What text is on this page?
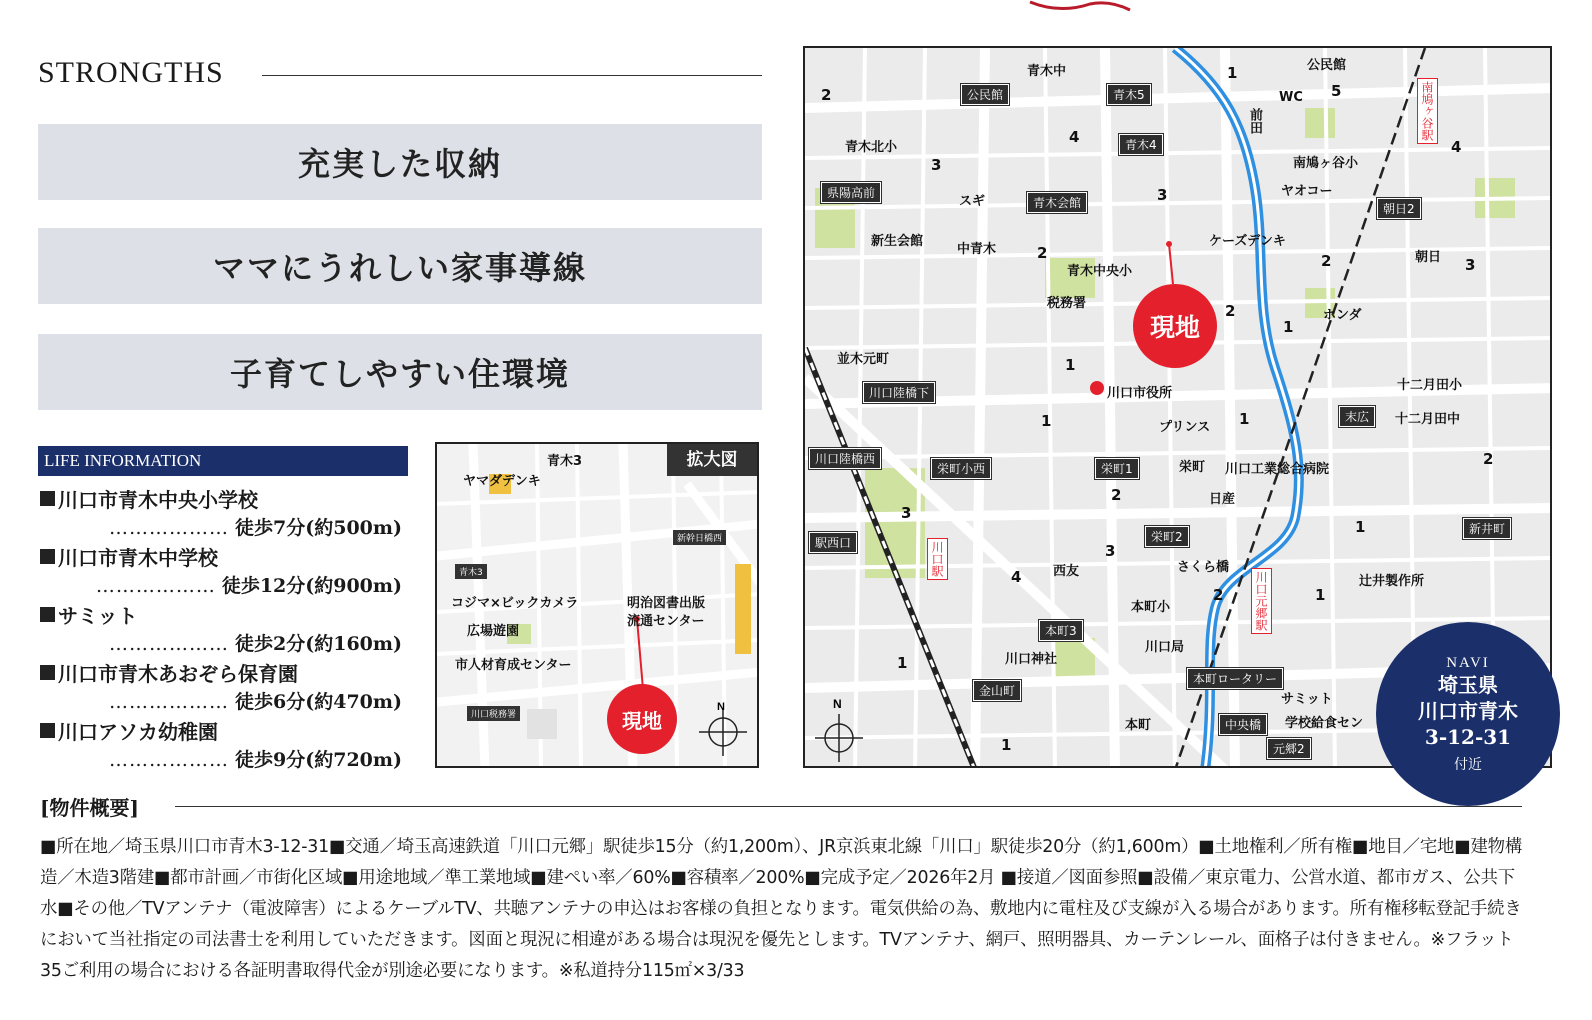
STRONGTHS
充実した収納
ママにうれしい家事導線
子育てしやすい住環境
LIFE INFORMATION
川口市青木中央小学校
……………… 徒歩7分(約500m)
川口市青木中学校
……………… 徒歩12分(約900m)
サミット
……………… 徒歩2分(約160m)
川口市青木あおぞら保育園
……………… 徒歩6分(約470m)
川口アソカ幼稚園
……………… 徒歩9分(約720m)
N
拡大図
青木3
ヤマダデンキ
コジマ×ビックカメラ
広場遊園
市人材育成センター
明治図書出版
流通センター
新幹日橋西
青木3
川口税務署	現地
N
青木中	公民館
WC
前田
青木北小
スギ
ヤオコー
南鳩ヶ谷小
新生会館
中青木
ケーズデンキ
朝日
青木中央小
税務署
ホンダ
並木元町
川口市役所
十二月田小
十二月田中
プリンス
栄町 川口工業総合病院
日産
西友	さくら橋
辻井製作所
本町小
川口局
川口神社
サミット
学校給食セン
本町
公民館	青木5
青木4
県陽高前
青木会館	朝日2
川口陸橋下
川口陸橋西
栄町小西	栄町1
栄町2
末広
新井町
駅西口
本町3
本町ロータリー
金山町
中央橋
元郷2
南鳩ヶ谷駅
川口駅
川口元郷駅
2
1
5
4
3
3
4
2	2	3
2
1
1
1	1
2
3
2
1
3
4
2	1
1
1
現地
NAVI
埼玉県
川口市青木
3-12-31
付近
[物件概要]
■所在地／埼玉県川口市青木3-12-31■交通／埼玉高速鉄道「川口元郷」駅徒歩15分（約1,200m）、JR京浜東北線「川口」駅徒歩20分（約1,600m）■土地権利／所有権■地目／宅地■建物構造／木造3階建■都市計画／市街化区域■用途地域／準工業地域■建ぺい率／60%■容積率／200%■完成予定／2026年2月 ■接道／図面参照■設備／東京電力、公営水道、都市ガス、公共下水■その他／TVアンテナ（電波障害）によるケーブルTV、共聴アンテナの申込はお客様の負担となります。電気供給の為、敷地内に電柱及び支線が入る場合があります。所有権移転登記手続きにおいて当社指定の司法書士を利用していただきます。図面と現況に相違がある場合は現況を優先とします。TVアンテナ、網戸、照明器具、カーテンレール、面格子は付きません。※フラット35ご利用の場合における各証明書取得代金が別途必要になります。※私道持分115㎡×3/33
